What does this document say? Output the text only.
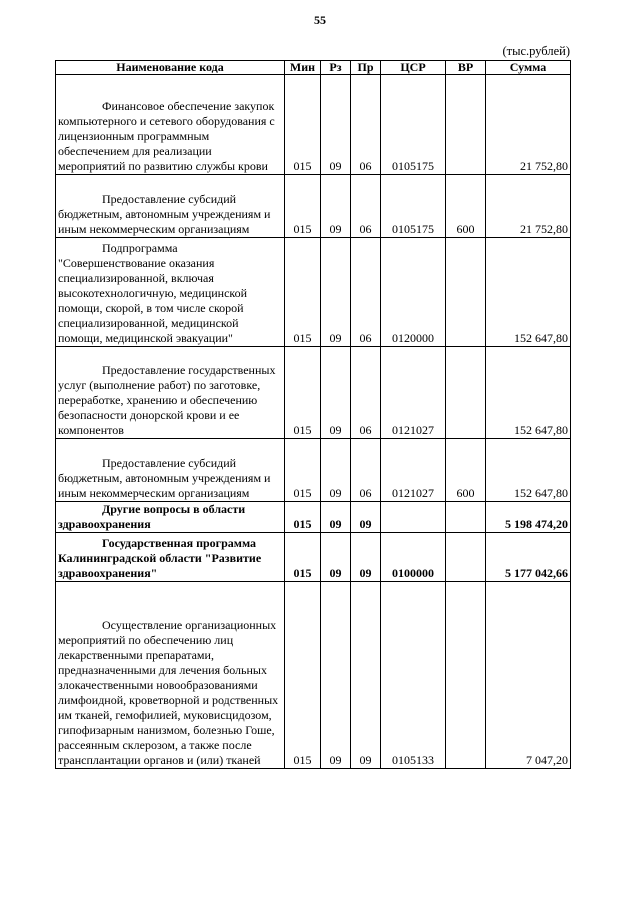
55
(тыс.рублей)
Наименование кода	Мин	Рз	Пр	ЦСР	ВР	Сумма

Финансовое обеспечение закупок компьютерного и сетевого оборудования с лицензионным программным обеспечением для реализации мероприятий по развитию службы крови	015	09	06	0105175		21 752,80

Предоставление субсидий бюджетным, автономным учреждениям и иным некоммерческим организациям	015	09	06	0105175	600	21 752,80

Подпрограмма "Совершенствование оказания специализированной, включая высокотехнологичную, медицинской помощи, скорой, в том числе скорой специализированной, медицинской помощи, медицинской эвакуации"	015	09	06	0120000		152 647,80

Предоставление государственных услуг (выполнение работ) по заготовке, переработке, хранению и обеспечению безопасности донорской крови и ее компонентов	015	09	06	0121027		152 647,80

Предоставление субсидий бюджетным, автономным учреждениям и иным некоммерческим организациям	015	09	06	0121027	600	152 647,80

Другие вопросы в области здравоохранения	015	09	09			5 198 474,20

Государственная программа Калининградской области "Развитие здравоохранения"	015	09	09	0100000		5 177 042,66

Осуществление организационных мероприятий по обеспечению лиц лекарственными препаратами, предназначенными для лечения больных злокачественными новообразованиями лимфоидной, кроветворной и родственных им тканей, гемофилией, муковисцидозом, гипофизарным нанизмом, болезнью Гоше, рассеянным склерозом, а также после трансплантации органов и (или) тканей	015	09	09	0105133		7 047,20
